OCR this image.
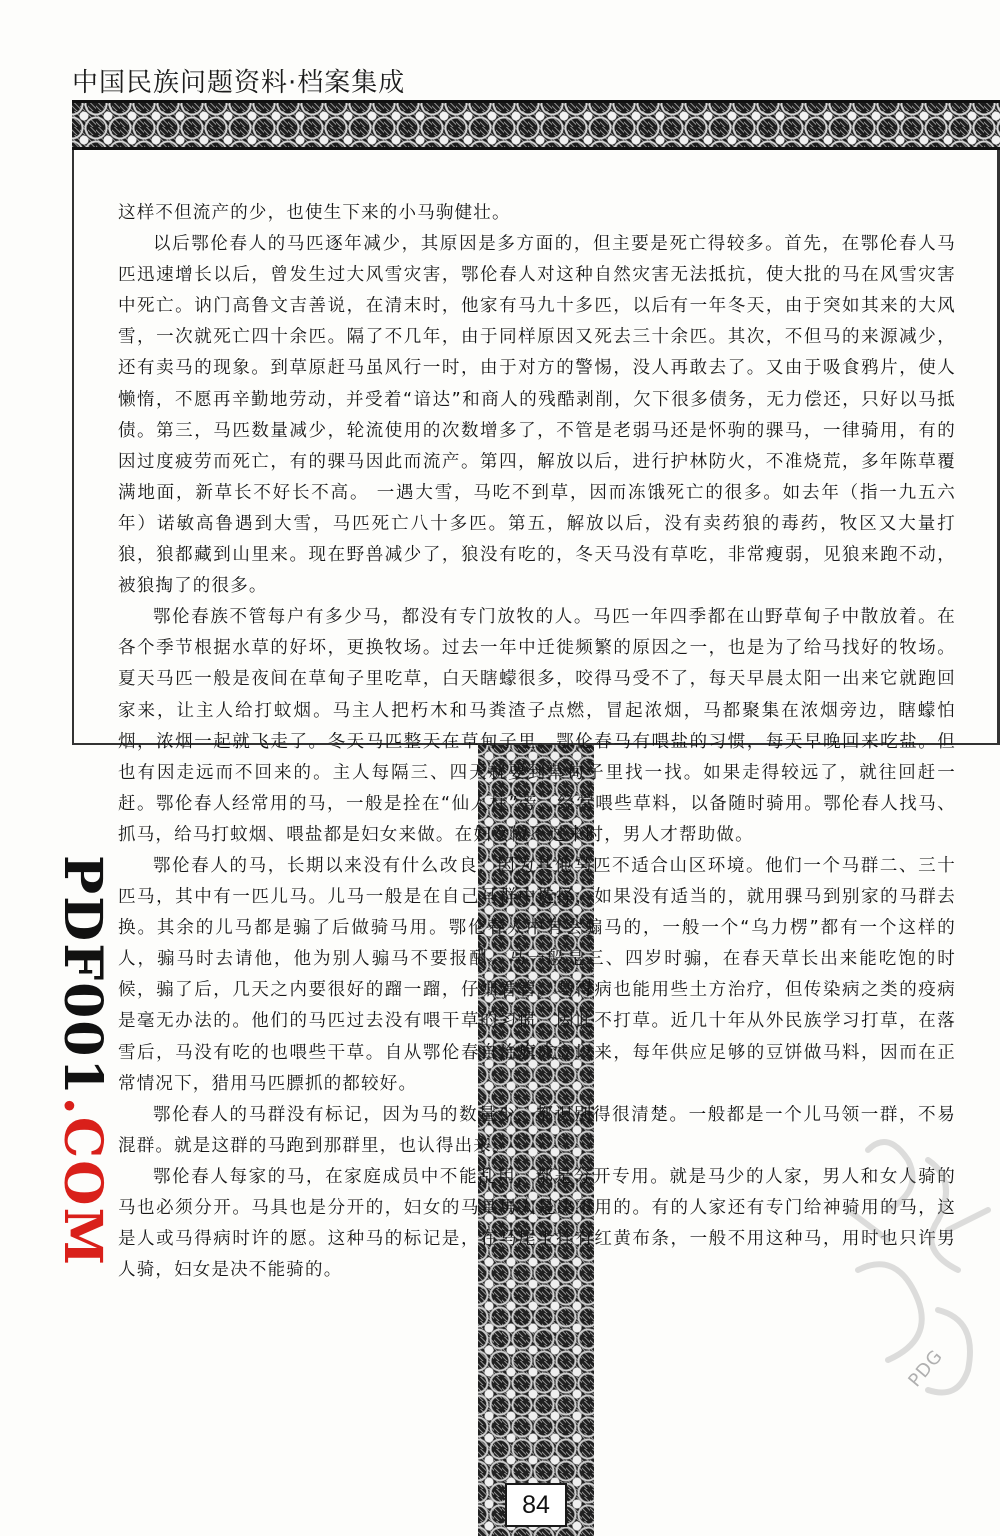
中国民族问题资料·档案集成
84

这样不但流产的少，也使生下来的小马驹健壮。

以后鄂伦春人的马匹逐年减少，其原因是多方面的，但主要是死亡得较多。首先，在鄂伦春人马匹迅速增长以后，曾发生过大风雪灾害，鄂伦春人对这种自然灾害无法抵抗，使大批的马在风雪灾害中死亡。讷门高鲁文吉善说，在清末时，他家有马九十多匹，以后有一年冬天，由于突如其来的大风雪，一次就死亡四十余匹。隔了不几年，由于同样原因又死去三十余匹。其次，不但马的来源减少，还有卖马的现象。到草原赶马虽风行一时，由于对方的警惕，没人再敢去了。又由于吸食鸦片，使人懒惰，不愿再辛勤地劳动，并受着“谙达”和商人的残酷剥削，欠下很多债务，无力偿还，只好以马抵债。第三，马匹数量减少，轮流使用的次数增多了，不管是老弱马还是怀驹的骒马，一律骑用，有的因过度疲劳而死亡，有的骒马因此而流产。第四，解放以后，进行护林防火，不准烧荒，多年陈草覆满地面，新草长不好长不高。 一遇大雪，马吃不到草，因而冻饿死亡的很多。如去年（指一九五六年）诺敏高鲁遇到大雪，马匹死亡八十多匹。第五，解放以后，没有卖药狼的毒药，牧区又大量打狼，狼都藏到山里来。现在野兽减少了，狼没有吃的，冬天马没有草吃，非常瘦弱，见狼来跑不动，被狼掏了的很多。

鄂伦春族不管每户有多少马，都没有专门放牧的人。马匹一年四季都在山野草甸子中散放着。在各个季节根据水草的好坏，更换牧场。过去一年中迁徙频繁的原因之一，也是为了给马找好的牧场。夏天马匹一般是夜间在草甸子里吃草，白天瞎蠓很多，咬得马受不了，每天早晨太阳一出来它就跑回家来，让主人给打蚊烟。马主人把朽木和马粪渣子点燃，冒起浓烟，马都聚集在浓烟旁边，瞎蠓怕烟，浓烟一起就飞走了。冬天马匹整天在草甸子里。鄂伦春马有喂盐的习惯，每天早晚回来吃盐。但也有因走远而不回来的。主人每隔三、四天就要到草甸子里找一找。如果走得较远了，就往回赶一赶。鄂伦春人经常用的马，一般是拴在“仙人柱”旁，经常喂些草料，以备随时骑用。鄂伦春人找马、抓马，给马打蚊烟、喂盐都是妇女来做。在妇女做不过来时，男人才帮助做。

鄂伦春人的马，长期以来没有什么改良，因为其他马匹不适合山区环境。他们一个马群二、三十匹马，其中有一匹儿马。儿马一般是在自己马群中选择，如果没有适当的，就用骒马到别家的马群去换。其余的儿马都是骟了后做骑马用。鄂伦春人中有会骟马的，一般一个“乌力楞”都有一个这样的人，骟马时去请他，他为别人骟马不要报酬。马一般是三、四岁时骟，在春天草长出来能吃饱的时候，骟了后，几天之内要很好的蹓一蹓，仔细看管。马得病也能用些土方治疗，但传染病之类的疫病是毫无办法的。他们的马匹过去没有喂干草的习惯，因此不打草。近几十年从外民族学习打草，在落雪后，马没有吃的也喂些干草。自从鄂伦春自治旗成立以来，每年供应足够的豆饼做马料，因而在正常情况下，猎用马匹膘抓的都较好。

鄂伦春人的马群没有标记，因为马的数量少，都识别得很清楚。一般都是一个儿马领一群，不易混群。就是这群的马跑到那群里，也认得出来。

鄂伦春人每家的马，在家庭成员中不能乱用，都是分开专用。就是马少的人家，男人和女人骑的马也必须分开。马具也是分开的，妇女的马具男人是决不用的。有的人家还有专门给神骑用的马，这是人或马得病时许的愿。这种马的标记是，在马尾上拴有红黄布条，一般不用这种马，用时也只许男人骑，妇女是决不能骑的。

PDF001.COM
PDG
